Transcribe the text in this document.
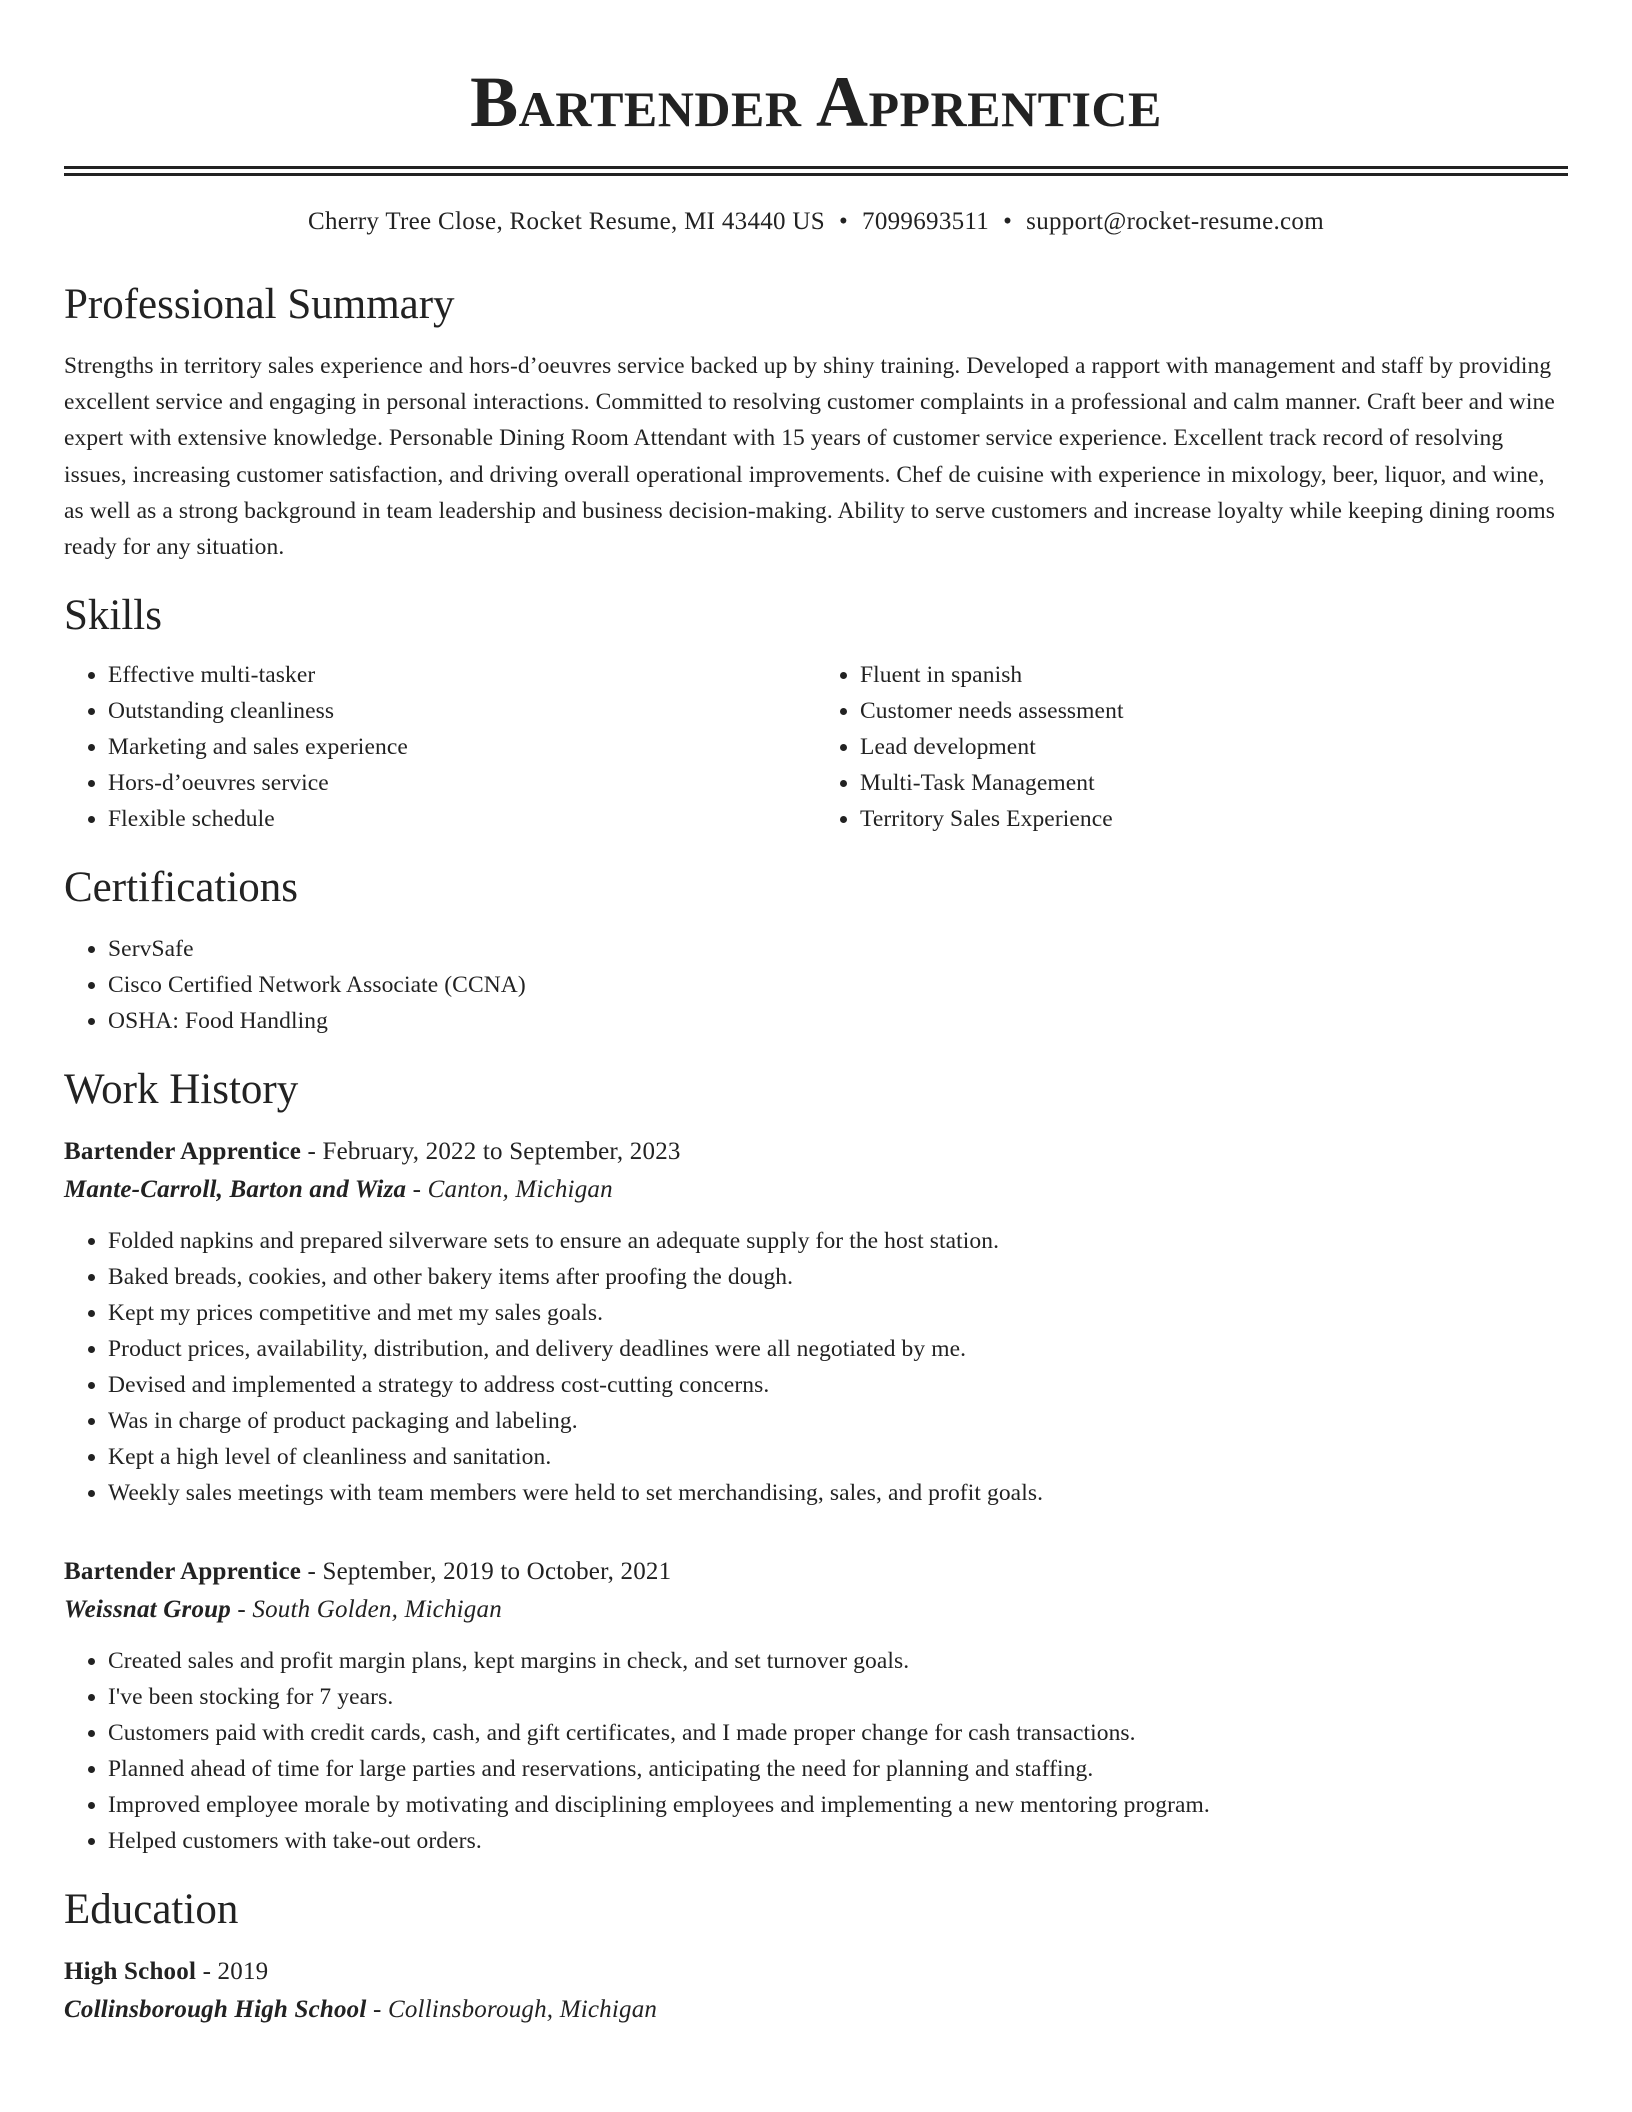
Bartender Apprentice
Cherry Tree Close, Rocket Resume, MI 43440 US • 7099693511 • support@rocket-resume.com
Professional Summary
Strengths in territory sales experience and hors-d’oeuvres service backed up by shiny training. Developed a rapport with management and staff by providing excellent service and engaging in personal interactions. Committed to resolving customer complaints in a professional and calm manner. Craft beer and wine expert with extensive knowledge. Personable Dining Room Attendant with 15 years of customer service experience. Excellent track record of resolving issues, increasing customer satisfaction, and driving overall operational improvements. Chef de cuisine with experience in mixology, beer, liquor, and wine, as well as a strong background in team leadership and business decision-making. Ability to serve customers and increase loyalty while keeping dining rooms ready for any situation.
Skills
• Effective multi-tasker
• Outstanding cleanliness
• Marketing and sales experience
• Hors-d’oeuvres service
• Flexible schedule
• Fluent in spanish
• Customer needs assessment
• Lead development
• Multi-Task Management
• Territory Sales Experience
Certifications
• ServSafe
• Cisco Certified Network Associate (CCNA)
• OSHA: Food Handling
Work History
Bartender Apprentice - February, 2022 to September, 2023
Mante-Carroll, Barton and Wiza - Canton, Michigan
• Folded napkins and prepared silverware sets to ensure an adequate supply for the host station.
• Baked breads, cookies, and other bakery items after proofing the dough.
• Kept my prices competitive and met my sales goals.
• Product prices, availability, distribution, and delivery deadlines were all negotiated by me.
• Devised and implemented a strategy to address cost-cutting concerns.
• Was in charge of product packaging and labeling.
• Kept a high level of cleanliness and sanitation.
• Weekly sales meetings with team members were held to set merchandising, sales, and profit goals.
Bartender Apprentice - September, 2019 to October, 2021
Weissnat Group - South Golden, Michigan
• Created sales and profit margin plans, kept margins in check, and set turnover goals.
• I've been stocking for 7 years.
• Customers paid with credit cards, cash, and gift certificates, and I made proper change for cash transactions.
• Planned ahead of time for large parties and reservations, anticipating the need for planning and staffing.
• Improved employee morale by motivating and disciplining employees and implementing a new mentoring program.
• Helped customers with take-out orders.
Education
High School - 2019
Collinsborough High School - Collinsborough, Michigan
